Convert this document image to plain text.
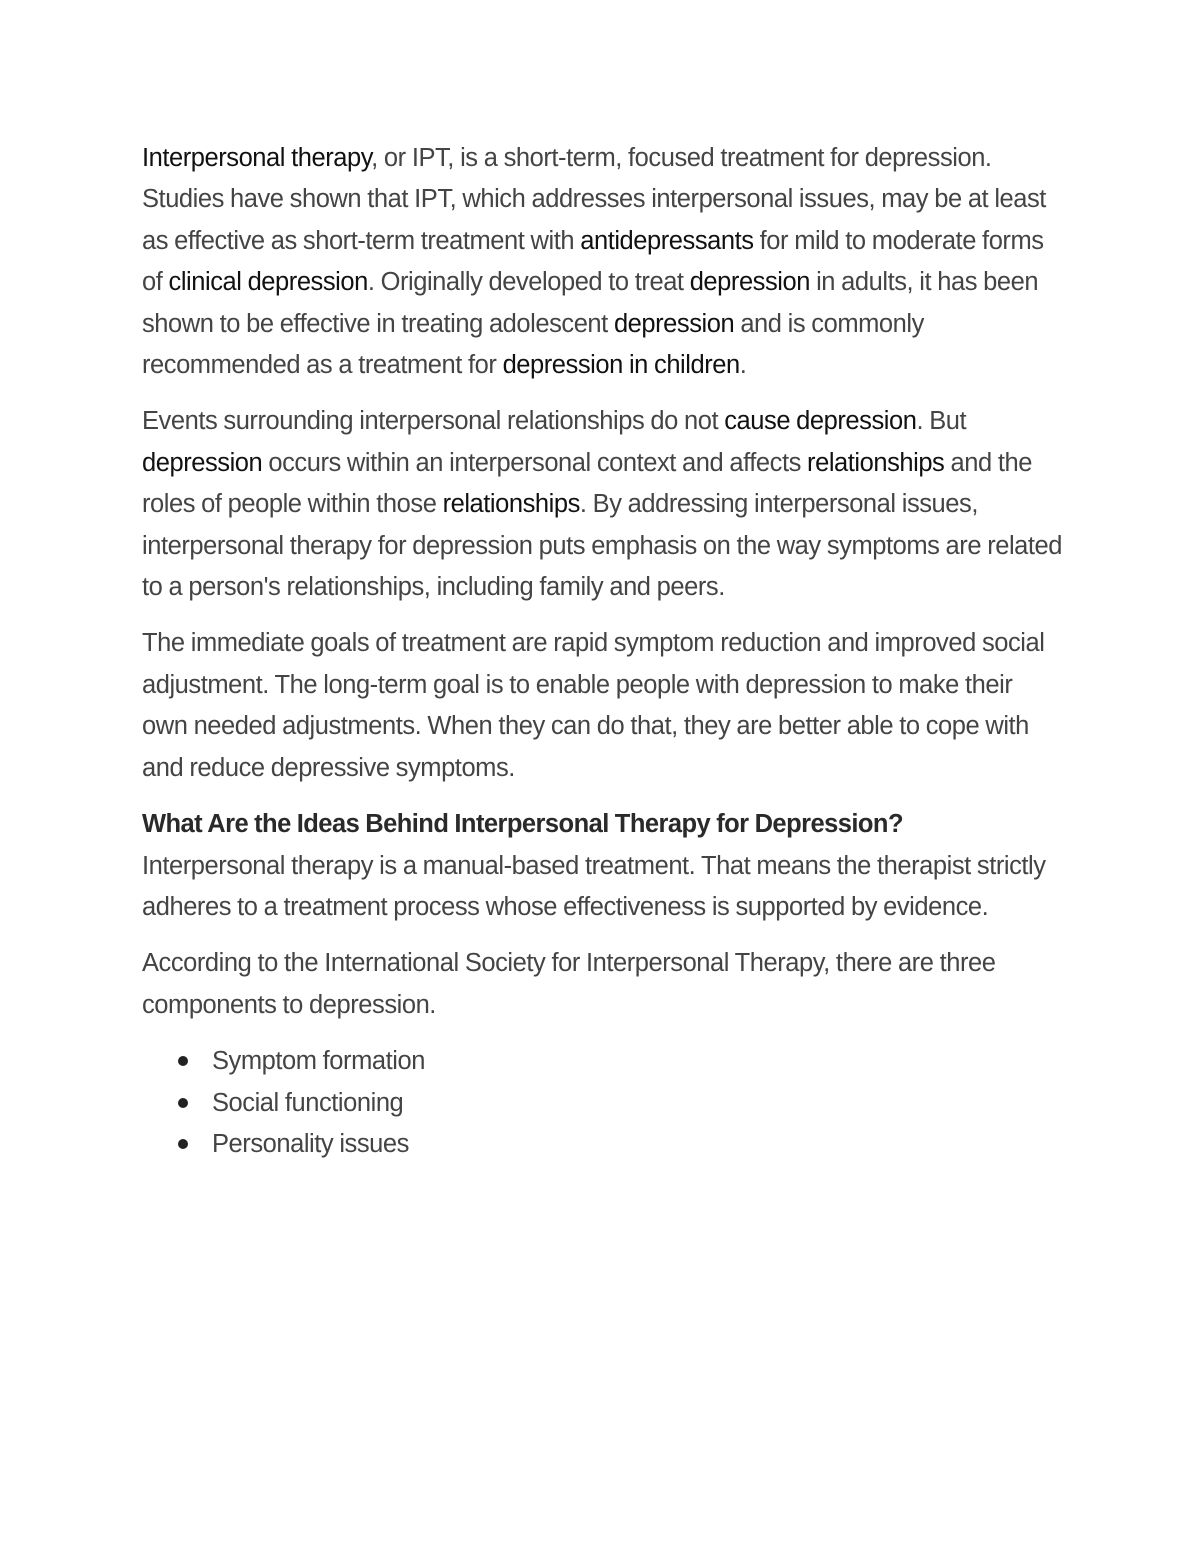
Interpersonal therapy, or IPT, is a short-term, focused treatment for depression. Studies have shown that IPT, which addresses interpersonal issues, may be at least as effective as short-term treatment with antidepressants for mild to moderate forms of clinical depression. Originally developed to treat depression in adults, it has been shown to be effective in treating adolescent depression and is commonly recommended as a treatment for depression in children.

Events surrounding interpersonal relationships do not cause depression. But depression occurs within an interpersonal context and affects relationships and the roles of people within those relationships. By addressing interpersonal issues, interpersonal therapy for depression puts emphasis on the way symptoms are related to a person's relationships, including family and peers.

The immediate goals of treatment are rapid symptom reduction and improved social adjustment. The long-term goal is to enable people with depression to make their own needed adjustments. When they can do that, they are better able to cope with and reduce depressive symptoms.

What Are the Ideas Behind Interpersonal Therapy for Depression?
Interpersonal therapy is a manual-based treatment. That means the therapist strictly adheres to a treatment process whose effectiveness is supported by evidence.

According to the International Society for Interpersonal Therapy, there are three components to depression.

Symptom formation
Social functioning
Personality issues
